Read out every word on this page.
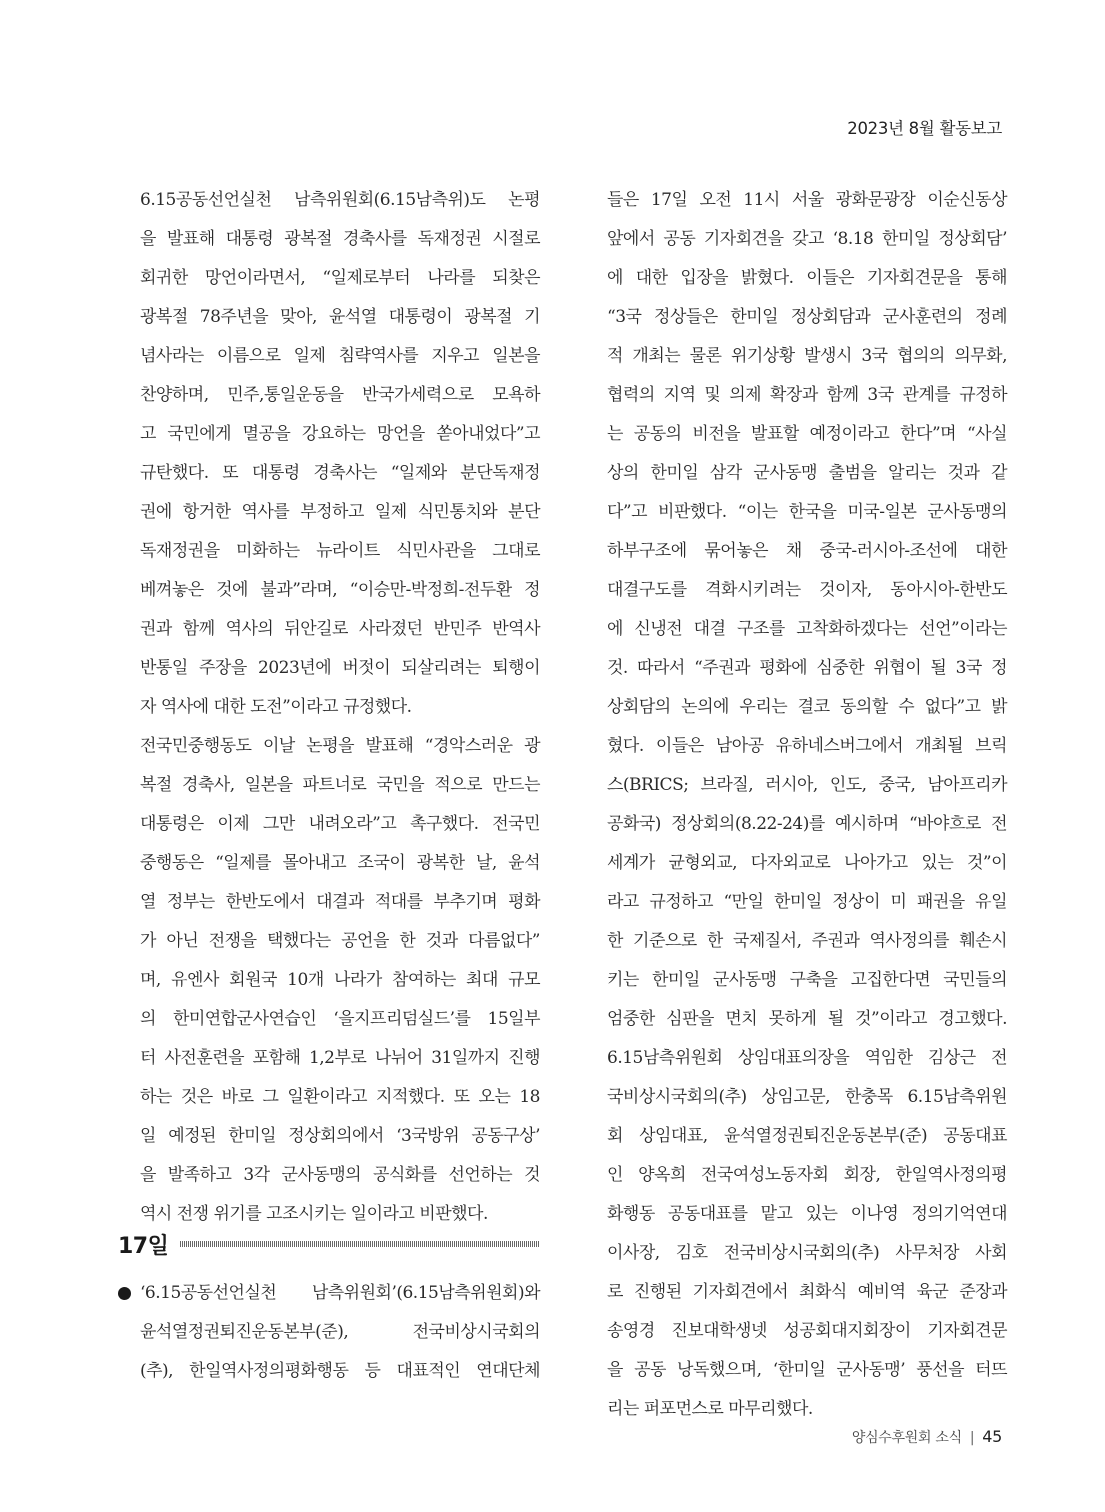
2023년 8월 활동보고
6.15공동선언실천 남측위원회(6.15남측위)도 논평
을 발표해 대통령 광복절 경축사를 독재정권 시절로
회귀한 망언이라면서, “일제로부터 나라를 되찾은
광복절 78주년을 맞아, 윤석열 대통령이 광복절 기
념사라는 이름으로 일제 침략역사를 지우고 일본을
찬양하며, 민주,통일운동을 반국가세력으로 모욕하
고 국민에게 멸공을 강요하는 망언을 쏟아내었다”고
규탄했다. 또 대통령 경축사는 “일제와 분단독재정
권에 항거한 역사를 부정하고 일제 식민통치와 분단
독재정권을 미화하는 뉴라이트 식민사관을 그대로
베껴놓은 것에 불과”라며, “이승만-박정희-전두환 정
권과 함께 역사의 뒤안길로 사라졌던 반민주 반역사
반통일 주장을 2023년에 버젓이 되살리려는 퇴행이
자 역사에 대한 도전”이라고 규정했다.
전국민중행동도 이날 논평을 발표해 “경악스러운 광
복절 경축사, 일본을 파트너로 국민을 적으로 만드는
대통령은 이제 그만 내려오라”고 촉구했다. 전국민
중행동은 “일제를 몰아내고 조국이 광복한 날, 윤석
열 정부는 한반도에서 대결과 적대를 부추기며 평화
가 아닌 전쟁을 택했다는 공언을 한 것과 다름없다”
며, 유엔사 회원국 10개 나라가 참여하는 최대 규모
의 한미연합군사연습인 ‘을지프리덤실드’를 15일부
터 사전훈련을 포함해 1,2부로 나뉘어 31일까지 진행
하는 것은 바로 그 일환이라고 지적했다. 또 오는 18
일 예정된 한미일 정상회의에서 ‘3국방위 공동구상’
을 발족하고 3각 군사동맹의 공식화를 선언하는 것
역시 전쟁 위기를 고조시키는 일이라고 비판했다.
17일
‘6.15공동선언실천 남측위원회’(6.15남측위원회)와
윤석열정권퇴진운동본부(준), 전국비상시국회의
(추), 한일역사정의평화행동 등 대표적인 연대단체
들은 17일 오전 11시 서울 광화문광장 이순신동상
앞에서 공동 기자회견을 갖고 ‘8.18 한미일 정상회담’
에 대한 입장을 밝혔다. 이들은 기자회견문을 통해
“3국 정상들은 한미일 정상회담과 군사훈련의 정례
적 개최는 물론 위기상황 발생시 3국 협의의 의무화,
협력의 지역 및 의제 확장과 함께 3국 관계를 규정하
는 공동의 비전을 발표할 예정이라고 한다”며 “사실
상의 한미일 삼각 군사동맹 출범을 알리는 것과 같
다”고 비판했다. “이는 한국을 미국-일본 군사동맹의
하부구조에 묶어놓은 채 중국-러시아-조선에 대한
대결구도를 격화시키려는 것이자, 동아시아-한반도
에 신냉전 대결 구조를 고착화하겠다는 선언”이라는
것. 따라서 “주권과 평화에 심중한 위협이 될 3국 정
상회담의 논의에 우리는 결코 동의할 수 없다”고 밝
혔다. 이들은 남아공 유하네스버그에서 개최될 브릭
스(BRICS; 브라질, 러시아, 인도, 중국, 남아프리카
공화국) 정상회의(8.22-24)를 예시하며 “바야흐로 전
세계가 균형외교, 다자외교로 나아가고 있는 것”이
라고 규정하고 “만일 한미일 정상이 미 패권을 유일
한 기준으로 한 국제질서, 주권과 역사정의를 훼손시
키는 한미일 군사동맹 구축을 고집한다면 국민들의
엄중한 심판을 면치 못하게 될 것”이라고 경고했다.
6.15남측위원회 상임대표의장을 역임한 김상근 전
국비상시국회의(추) 상임고문, 한충목 6.15남측위원
회 상임대표, 윤석열정권퇴진운동본부(준) 공동대표
인 양옥희 전국여성노동자회 회장, 한일역사정의평
화행동 공동대표를 맡고 있는 이나영 정의기억연대
이사장, 김호 전국비상시국회의(추) 사무처장 사회
로 진행된 기자회견에서 최화식 예비역 육군 준장과
송영경 진보대학생넷 성공회대지회장이 기자회견문
을 공동 낭독했으며, ‘한미일 군사동맹’ 풍선을 터뜨
리는 퍼포먼스로 마무리했다.
양심수후원회 소식 | 45
